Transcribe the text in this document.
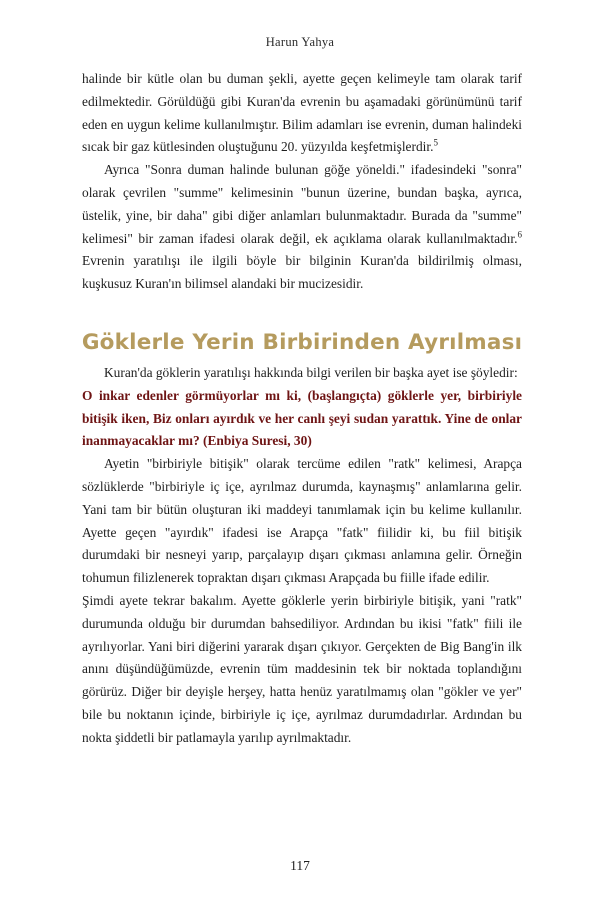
Harun Yahya

halinde bir kütle olan bu duman şekli, ayette geçen kelimeyle tam olarak tarif edilmektedir. Görüldüğü gibi Kuran'da evrenin bu aşamadaki görünümünü tarif eden en uygun kelime kullanılmıştır. Bilim adamları ise evrenin, duman halindeki sıcak bir gaz kütlesinden oluştuğunu 20. yüzyılda keşfetmişlerdir.$^5$

Ayrıca "Sonra duman halinde bulunan göğe yöneldi." ifadesindeki "sonra" olarak çevrilen "summe" kelimesinin "bunun üzerine, bundan başka, ayrıca, üstelik, yine, bir daha" gibi diğer anlamları bulunmaktadır. Burada da "summe" kelimesi" bir zaman ifadesi olarak değil, ek açıklama olarak kullanılmaktadır.$^6$ Evrenin yaratılışı ile ilgili böyle bir bilginin Kuran'da bildirilmiş olması, kuşkusuz Kuran'ın bilimsel alandaki bir mucizesidir.

Göklerle Yerin Birbirinden Ayrılması

Kuran'da göklerin yaratılışı hakkında bilgi verilen bir başka ayet ise şöyledir:

O inkar edenler görmüyorlar mı ki, (başlangıçta) göklerle yer, birbiriyle bitişik iken, Biz onları ayırdık ve her canlı şeyi sudan yarattık. Yine de onlar inanmayacaklar mı? (Enbiya Suresi, 30)

Ayetin "birbiriyle bitişik" olarak tercüme edilen "ratk" kelimesi, Arapça sözlüklerde "birbiriyle iç içe, ayrılmaz durumda, kaynaşmış" anlamlarına gelir. Yani tam bir bütün oluşturan iki maddeyi tanımlamak için bu kelime kullanılır. Ayette geçen "ayırdık" ifadesi ise Arapça "fatk" fiilidir ki, bu fiil bitişik durumdaki bir nesneyi yarıp, parçalayıp dışarı çıkması anlamına gelir. Örneğin tohumun filizlenerek topraktan dışarı çıkması Arapçada bu fiille ifade edilir.

Şimdi ayete tekrar bakalım. Ayette göklerle yerin birbiriyle bitişik, yani "ratk" durumunda olduğu bir durumdan bahsediliyor. Ardından bu ikisi "fatk" fiili ile ayrılıyorlar. Yani biri diğerini yararak dışarı çıkıyor. Gerçekten de Big Bang'in ilk anını düşündüğümüzde, evrenin tüm maddesinin tek bir noktada toplandığını görürüz. Diğer bir deyişle herşey, hatta henüz yaratılmamış olan "gökler ve yer" bile bu noktanın içinde, birbiriyle iç içe, ayrılmaz durumdadırlar. Ardından bu nokta şiddetli bir patlamayla yarılıp ayrılmaktadır.

117
